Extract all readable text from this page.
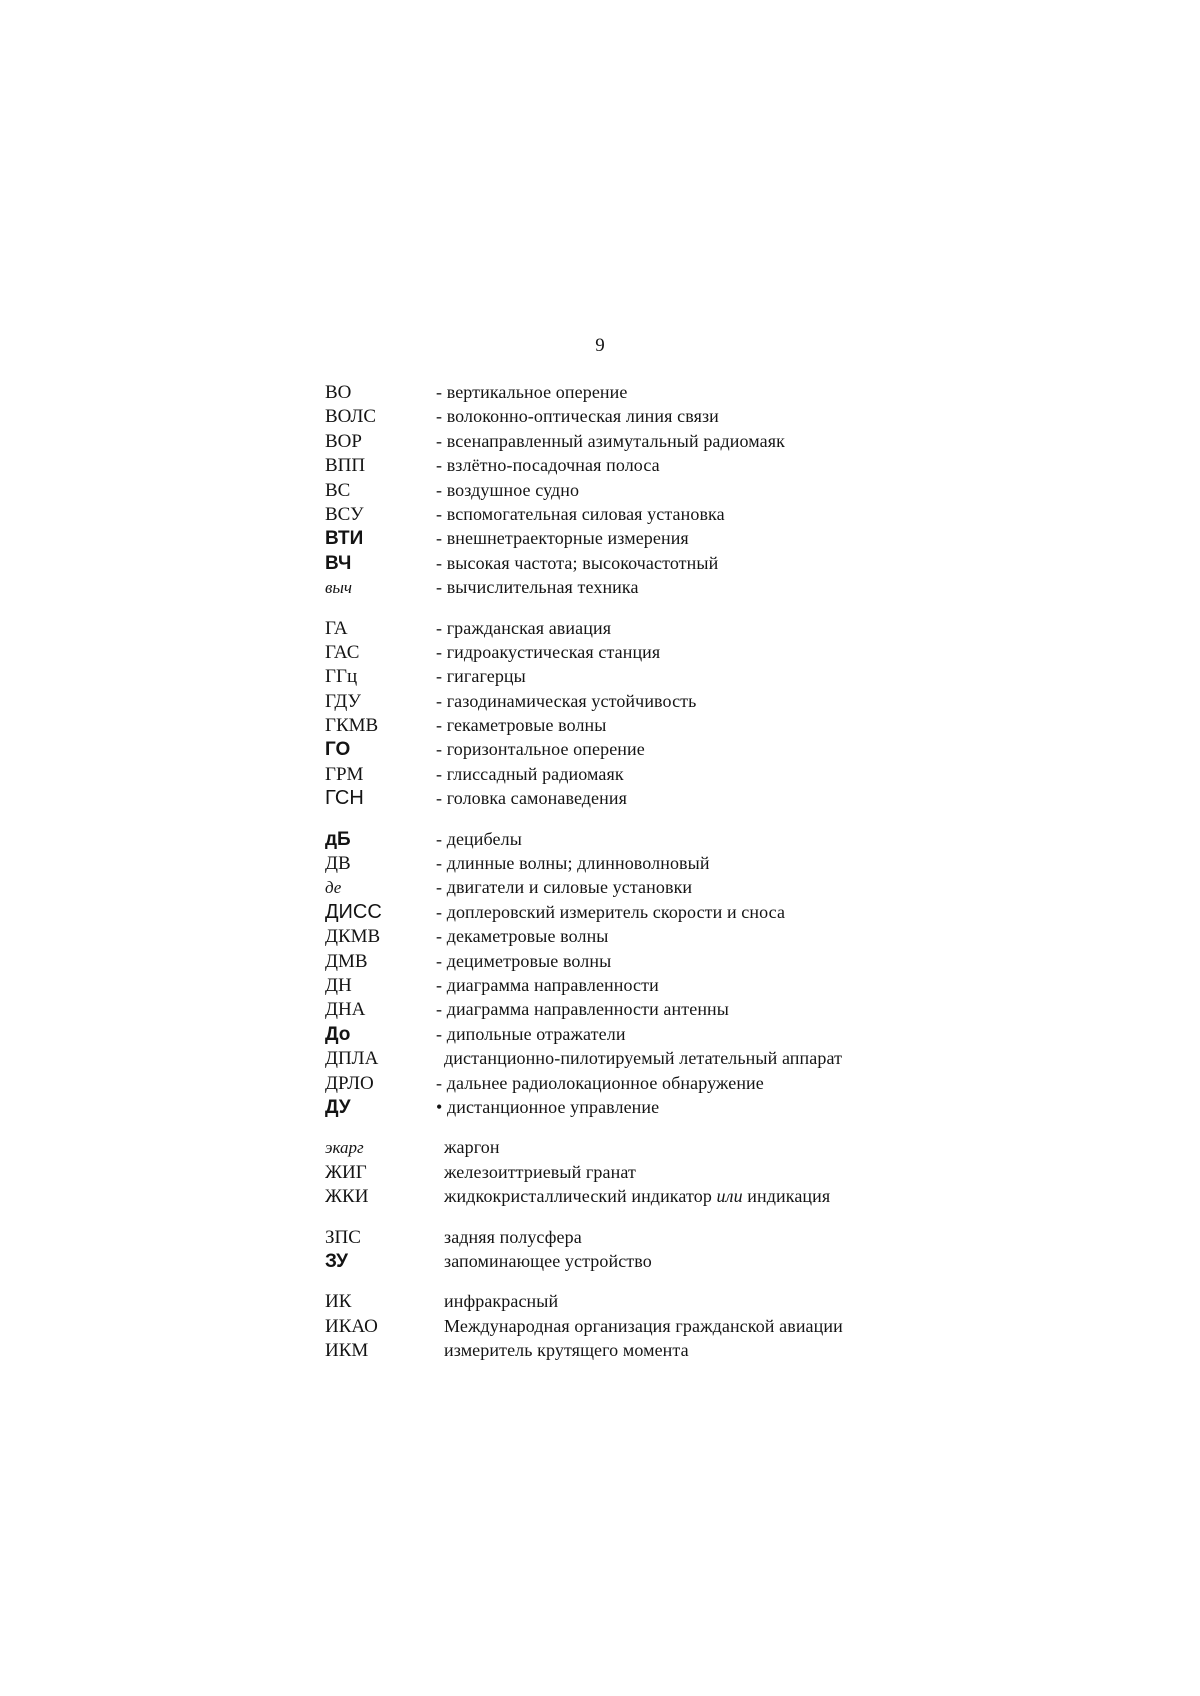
9
ВО	- вертикальное оперение
ВОЛС	- волоконно-оптическая линия связи
ВОР	- всенаправленный азимутальный радиомаяк
ВПП	- взлётно-посадочная полоса
ВС	- воздушное судно
ВСУ	- вспомогательная силовая установка
ВТИ	- внешнетраекторные измерения
ВЧ	- высокая частота; высокочастотный
выч	- вычислительная техника
ГА	- гражданская авиация
ГАС	- гидроакустическая станция
ГГц	- гигагерцы
ГДУ	- газодинамическая устойчивость
ГКМВ	- гекаметровые волны
ГО	- горизонтальное оперение
ГРМ	- глиссадный радиомаяк
ГСН	- головка самонаведения
дБ	- децибелы
ДВ	- длинные волны; длинноволновый
де	- двигатели и силовые установки
ДИСС	- доплеровский измеритель скорости и сноса
ДКМВ	- декаметровые волны
ДМВ	- дециметровые волны
ДН	- диаграмма направленности
ДНА	- диаграмма направленности антенны
До	- дипольные отражатели
ДПЛА	дистанционно-пилотируемый летательный аппарат
ДРЛО	- дальнее радиолокационное обнаружение
ДУ	• дистанционное управление
экарг	жаргон
ЖИГ	железоиттриевый гранат
ЖКИ	жидкокристаллический индикатор или индикация
ЗПС	задняя полусфера
ЗУ	запоминающее устройство
ИК	инфракрасный
ИКАО	Международная организация гражданской авиации
ИКМ	измеритель крутящего момента
